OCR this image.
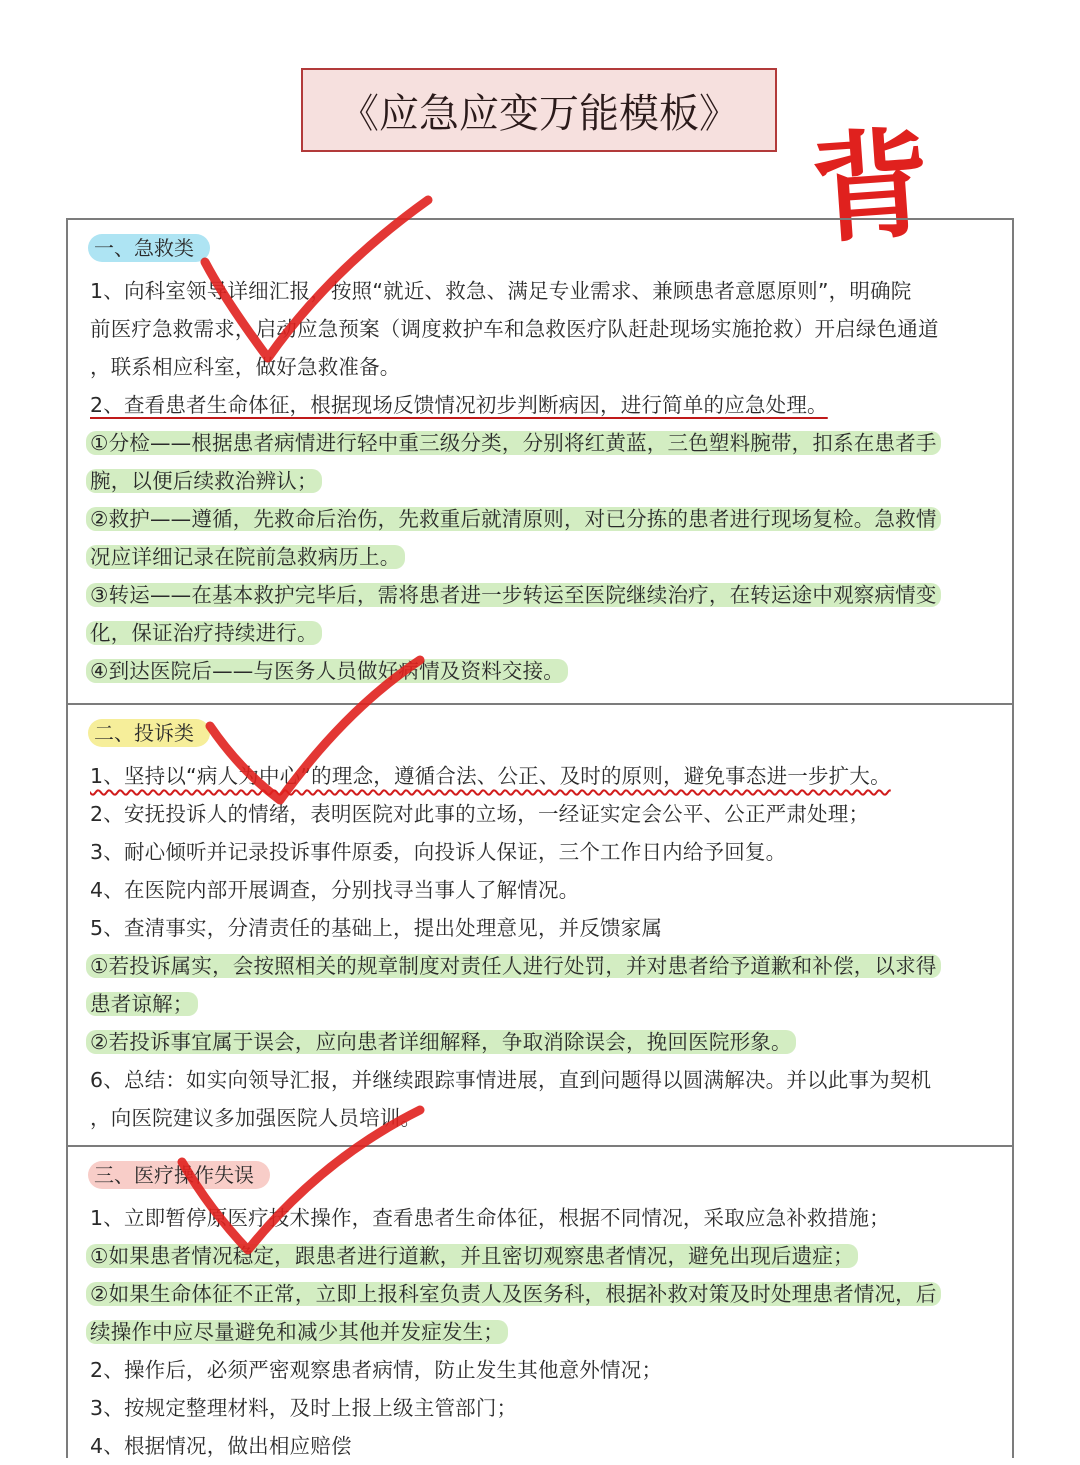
《应急应变万能模板》 背
一、急救类
1、向科室领导详细汇报，按照“就近、救急、满足专业需求、兼顾患者意愿原则”，明确院
前医疗急救需求，启动应急预案（调度救护车和急救医疗队赶赴现场实施抢救）开启绿色通道
，联系相应科室，做好急救准备。
2、查看患者生命体征，根据现场反馈情况初步判断病因，进行简单的应急处理。
①分检——根据患者病情进行轻中重三级分类，分别将红黄蓝，三色塑料腕带，扣系在患者手
腕，以便后续救治辨认；
②救护——遵循，先救命后治伤，先救重后就清原则，对已分拣的患者进行现场复检。急救情
况应详细记录在院前急救病历上。
③转运——在基本救护完毕后，需将患者进一步转运至医院继续治疗，在转运途中观察病情变
化，保证治疗持续进行。
④到达医院后——与医务人员做好病情及资料交接。
二、投诉类
1、坚持以“病人为中心”的理念，遵循合法、公正、及时的原则，避免事态进一步扩大。
2、安抚投诉人的情绪，表明医院对此事的立场，一经证实定会公平、公正严肃处理；
3、耐心倾听并记录投诉事件原委，向投诉人保证，三个工作日内给予回复。
4、在医院内部开展调查，分别找寻当事人了解情况。
5、查清事实，分清责任的基础上，提出处理意见，并反馈家属
①若投诉属实，会按照相关的规章制度对责任人进行处罚，并对患者给予道歉和补偿，以求得
患者谅解；
②若投诉事宜属于误会，应向患者详细解释，争取消除误会，挽回医院形象。
6、总结：如实向领导汇报，并继续跟踪事情进展，直到问题得以圆满解决。并以此事为契机
，向医院建议多加强医院人员培训。
三、医疗操作失误
1、立即暂停原医疗技术操作，查看患者生命体征，根据不同情况，采取应急补救措施；
①如果患者情况稳定，跟患者进行道歉，并且密切观察患者情况，避免出现后遗症；
②如果生命体征不正常，立即上报科室负责人及医务科，根据补救对策及时处理患者情况，后
续操作中应尽量避免和减少其他并发症发生；
2、操作后，必须严密观察患者病情，防止发生其他意外情况；
3、按规定整理材料，及时上报上级主管部门；
4、根据情况，做出相应赔偿
